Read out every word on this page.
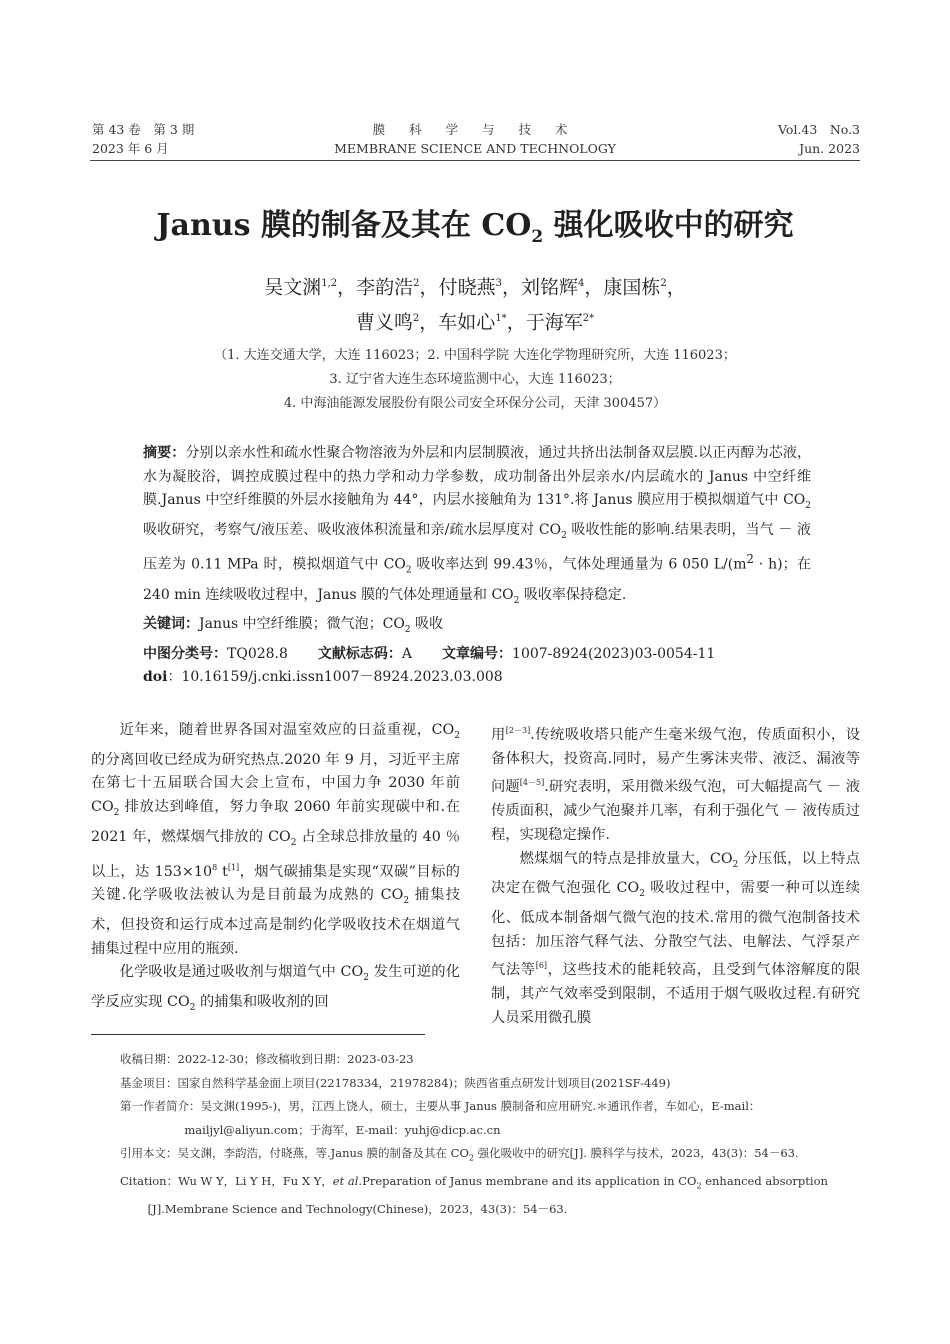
第 43 卷　第 3 期
2023 年 6 月
膜 科 学 与 技 术
MEMBRANE SCIENCE AND TECHNOLOGY
Vol.43　No.3
Jun. 2023
Janus 膜的制备及其在 $CO_2$ 强化吸收中的研究
吴文渊$^{1,2}$，李韵浩$^2$，付晓燕$^3$，刘铭辉$^4$，康国栋$^2$，
曹义鸣$^2$，车如心$^{1*}$，于海军$^{2*}$
（1. 大连交通大学，大连 116023；2. 中国科学院 大连化学物理研究所，大连 116023；
3. 辽宁省大连生态环境监测中心，大连 116023；
4. 中海油能源发展股份有限公司安全环保分公司，天津 300457）

摘要：分别以亲水性和疏水性聚合物溶液为外层和内层制膜液，通过共挤出法制备双层膜.以正丙醇为芯液，水为凝胶浴，调控成膜过程中的热力学和动力学参数，成功制备出外层亲水/内层疏水的 Janus 中空纤维膜.Janus 中空纤维膜的外层水接触角为 44°，内层水接触角为 131°.将 Janus 膜应用于模拟烟道气中 $CO_2$ 吸收研究，考察气/液压差、吸收液体积流量和亲/疏水层厚度对 $CO_2$ 吸收性能的影响.结果表明，当气 － 液压差为 0.11 MPa 时，模拟烟道气中 $CO_2$ 吸收率达到 99.43％，气体处理通量为 6 050 $L/(m^2 \cdot h)$；在 240 min 连续吸收过程中，Janus 膜的气体处理通量和 $CO_2$ 吸收率保持稳定.

关键词：Janus 中空纤维膜；微气泡；$CO_2$ 吸收

中图分类号：TQ028.8 文献标志码：A 文章编号：1007-8924(2023)03-0054-11

doi：10.16159/j.cnki.issn1007－8924.2023.03.008

近年来，随着世界各国对温室效应的日益重视，$CO_2$ 的分离回收已经成为研究热点.2020 年 9 月，习近平主席在第七十五届联合国大会上宣布，中国力争 2030 年前 $CO_2$ 排放达到峰值，努力争取 2060 年前实现碳中和.在 2021 年，燃煤烟气排放的 $CO_2$ 占全球总排放量的 40 ％以上，达 $153\times 10^8$ t[1]，烟气碳捕集是实现“双碳”目标的关键.化学吸收法被认为是目前最为成熟的 $CO_2$ 捕集技术，但投资和运行成本过高是制约化学吸收技术在烟道气捕集过程中应用的瓶颈.

化学吸收是通过吸收剂与烟道气中 $CO_2$ 发生可逆的化学反应实现 $CO_2$ 的捕集和吸收剂的回

用[2－3].传统吸收塔只能产生毫米级气泡，传质面积小，设备体积大，投资高.同时，易产生雾沫夹带、液泛、漏液等问题[4－5].研究表明，采用微米级气泡，可大幅提高气 － 液传质面积，减少气泡聚并几率，有利于强化气 － 液传质过程，实现稳定操作.

燃煤烟气的特点是排放量大，$CO_2$ 分压低，以上特点决定在微气泡强化 $CO_2$ 吸收过程中，需要一种可以连续化、低成本制备烟气微气泡的技术.常用的微气泡制备技术包括：加压溶气释气法、分散空气法、电解法、气浮泵产气法等[6]，这些技术的能耗较高，且受到气体溶解度的限制，其产气效率受到限制，不适用于烟气吸收过程.有研究人员采用微孔膜

收稿日期：2022-12-30；修改稿收到日期：2023-03-23

基金项目：国家自然科学基金面上项目(22178334，21978284)；陕西省重点研发计划项目(2021SF-449)

第一作者简介：吴文渊(1995-)，男，江西上饶人，硕士，主要从事 Janus 膜制备和应用研究.＊通讯作者，车如心，E-mail：mailjyl@aliyun.com；于海军，E-mail：yuhj@dicp.ac.cn

引用本文：吴文渊，李韵浩，付晓燕，等.Janus 膜的制备及其在 $CO_2$ 强化吸收中的研究[J]. 膜科学与技术，2023，43(3)：54－63.

Citation：Wu W Y，Li Y H，Fu X Y，et al.Preparation of Janus membrane and its application in $CO_2$ enhanced absorption [J].Membrane Science and Technology(Chinese)，2023，43(3)：54－63.
